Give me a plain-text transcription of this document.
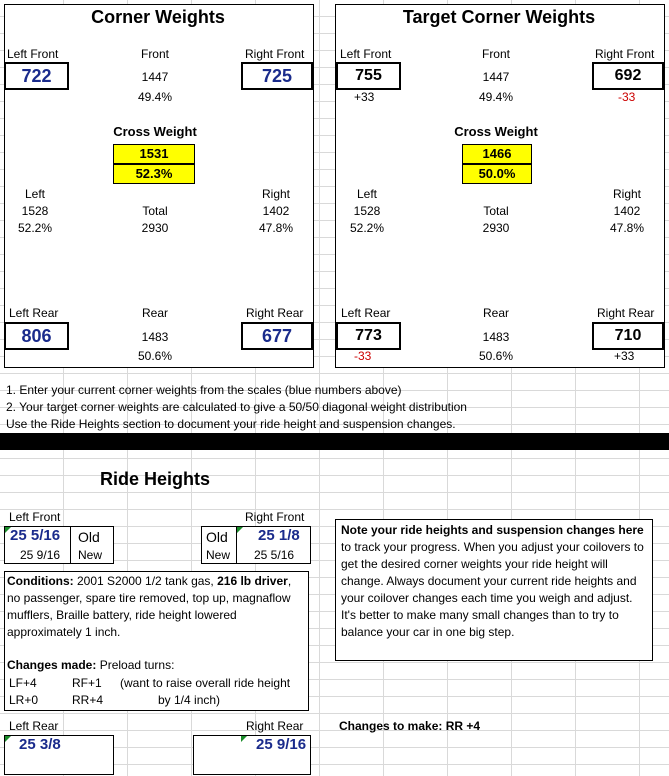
Corner Weights
Left Front	Front	Right Front
722	1447	725
49.4%
Cross Weight
1531
52.3%
Left	Right
1528	Total	1402
52.2%	2930	47.8%
Left Rear	Rear	Right Rear
806	1483	677
50.6%
Target Corner Weights
Left Front	Front	Right Front
755	1447	692
+33	49.4%	-33
Cross Weight
1466
50.0%
Left	Right
1528	Total	1402
52.2%	2930	47.8%
Left Rear	Rear	Right Rear
773	1483	710
-33	50.6%	+33
1. Enter your current corner weights from the scales (blue numbers above)
2. Your target corner weights are calculated to give a 50/50 diagonal weight distribution
Use the Ride Heights section to document your ride height and suspension changes.
Ride Heights
Left Front	Right Front
25 5/16 Old
25 9/16 New
Old 25 1/8
New 25 5/16
Conditions: 2001 S2000 1/2 tank gas, 216 lb driver, no passenger, spare tire removed, top up, magnaflow mufflers, Braille battery, ride height lowered approximately 1 inch.
Changes made: Preload turns:
LF+4	RF+1 (want to raise overall ride height
LR+0	RR+4	by 1/4 inch)
Note your ride heights and suspension changes here to track your progress. When you adjust your coilovers to get the desired corner weights your ride height will change. Always document your current ride heights and your coilover changes each time you weigh and adjust. It's better to make many small changes than to try to balance your car in one big step.
Left Rear	Right Rear
25 3/8	25 9/16
Changes to make: RR +4
